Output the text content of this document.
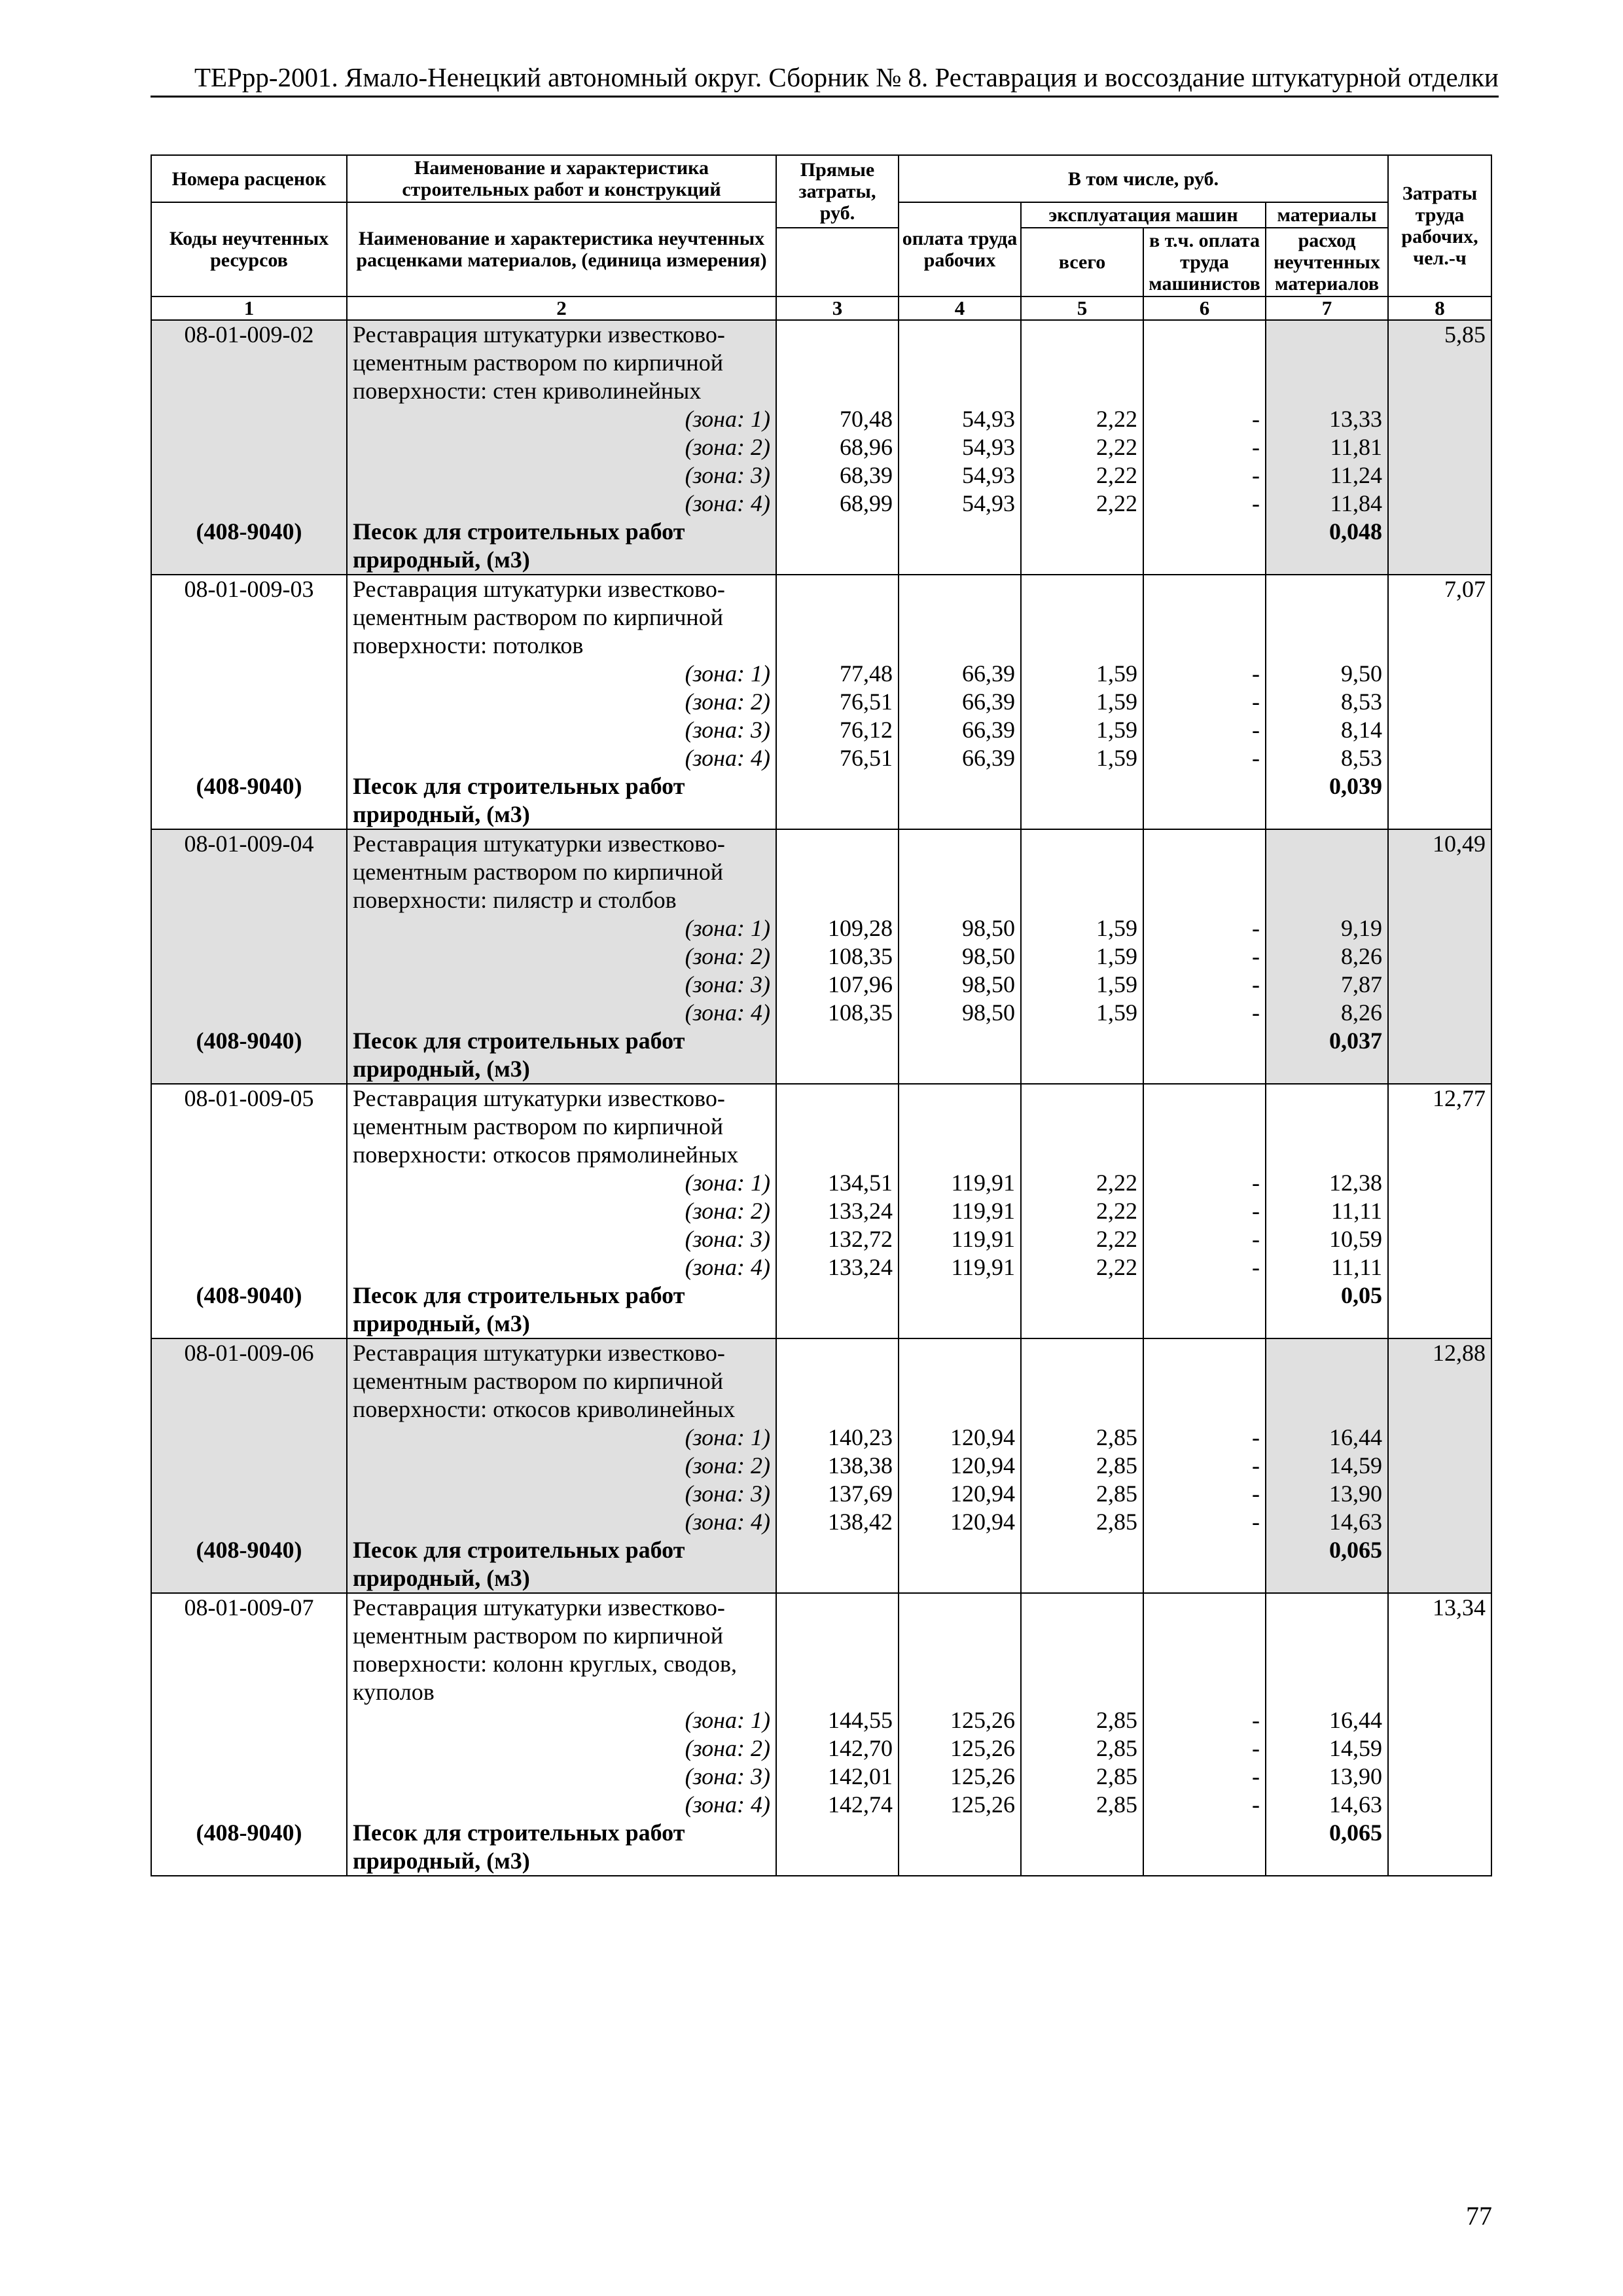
ТЕРрр-2001. Ямало-Ненецкий автономный округ. Сборник № 8. Реставрация и воссоздание штукатурной отделки
Номера расценок	Наименование и характеристика строительных работ и конструкций	Прямые затраты, руб.	В том числе, руб.				Затраты труда рабочих, чел.-ч
Коды неучтенных ресурсов	Наименование и характеристика неучтенных расценками материалов, (единица измерения)		оплата труда рабочих	эксплуатация машин		материалы	
				всего	в т.ч. оплата труда машинистов	расход неучтенных материалов	

1	2	3	4	5	6	7	8
08-01-009-02	Реставрация штукатурки известково-цементным раствором по кирпичной поверхности: стен криволинейных						5,85
	(зона: 1)	70,48	54,93	2,22	-	13,33	
	(зона: 2)	68,96	54,93	2,22	-	11,81	
	(зона: 3)	68,39	54,93	2,22	-	11,24	
	(зона: 4)	68,99	54,93	2,22	-	11,84	
(408-9040)	Песок для строительных работ природный, (м3)					0,048	
08-01-009-03	Реставрация штукатурки известково-цементным раствором по кирпичной поверхности: потолков						7,07
	(зона: 1)	77,48	66,39	1,59	-	9,50	
	(зона: 2)	76,51	66,39	1,59	-	8,53	
	(зона: 3)	76,12	66,39	1,59	-	8,14	
	(зона: 4)	76,51	66,39	1,59	-	8,53	
(408-9040)	Песок для строительных работ природный, (м3)					0,039	
08-01-009-04	Реставрация штукатурки известково-цементным раствором по кирпичной поверхности: пилястр и столбов						10,49
	(зона: 1)	109,28	98,50	1,59	-	9,19	
	(зона: 2)	108,35	98,50	1,59	-	8,26	
	(зона: 3)	107,96	98,50	1,59	-	7,87	
	(зона: 4)	108,35	98,50	1,59	-	8,26	
(408-9040)	Песок для строительных работ природный, (м3)					0,037	
08-01-009-05	Реставрация штукатурки известково-цементным раствором по кирпичной поверхности: откосов прямолинейных						12,77
	(зона: 1)	134,51	119,91	2,22	-	12,38	
	(зона: 2)	133,24	119,91	2,22	-	11,11	
	(зона: 3)	132,72	119,91	2,22	-	10,59	
	(зона: 4)	133,24	119,91	2,22	-	11,11	
(408-9040)	Песок для строительных работ природный, (м3)					0,05	
08-01-009-06	Реставрация штукатурки известково-цементным раствором по кирпичной поверхности: откосов криволинейных						12,88
	(зона: 1)	140,23	120,94	2,85	-	16,44	
	(зона: 2)	138,38	120,94	2,85	-	14,59	
	(зона: 3)	137,69	120,94	2,85	-	13,90	
	(зона: 4)	138,42	120,94	2,85	-	14,63	
(408-9040)	Песок для строительных работ природный, (м3)					0,065	
08-01-009-07	Реставрация штукатурки известково-цементным раствором по кирпичной поверхности: колонн круглых, сводов, куполов						13,34
	(зона: 1)	144,55	125,26	2,85	-	16,44	
	(зона: 2)	142,70	125,26	2,85	-	14,59	
	(зона: 3)	142,01	125,26	2,85	-	13,90	
	(зона: 4)	142,74	125,26	2,85	-	14,63	
(408-9040)	Песок для строительных работ природный, (м3)					0,065	
77
